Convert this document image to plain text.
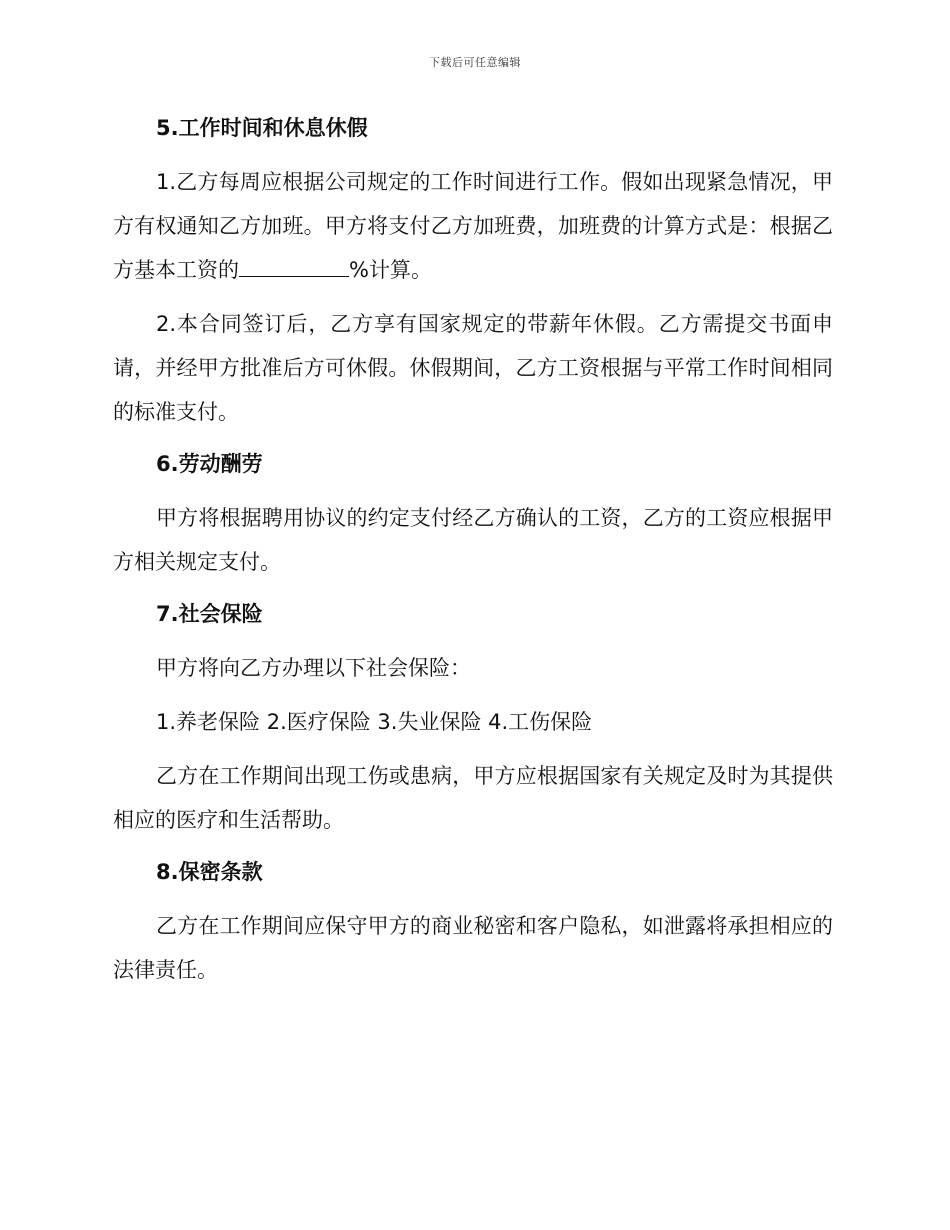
下载后可任意编辑
5.工作时间和休息休假

1.乙方每周应根据公司规定的工作时间进行工作。假如出现紧急情况，甲方有权通知乙方加班。甲方将支付乙方加班费，加班费的计算方式是：根据乙方基本工资的	%计算。

2.本合同签订后，乙方享有国家规定的带薪年休假。乙方需提交书面申请，并经甲方批准后方可休假。休假期间，乙方工资根据与平常工作时间相同的标准支付。

6.劳动酬劳

甲方将根据聘用协议的约定支付经乙方确认的工资，乙方的工资应根据甲方相关规定支付。

7.社会保险

甲方将向乙方办理以下社会保险：

1.养老保险 2.医疗保险 3.失业保险 4.工伤保险

乙方在工作期间出现工伤或患病，甲方应根据国家有关规定及时为其提供相应的医疗和生活帮助。

8.保密条款

乙方在工作期间应保守甲方的商业秘密和客户隐私，如泄露将承担相应的法律责任。
